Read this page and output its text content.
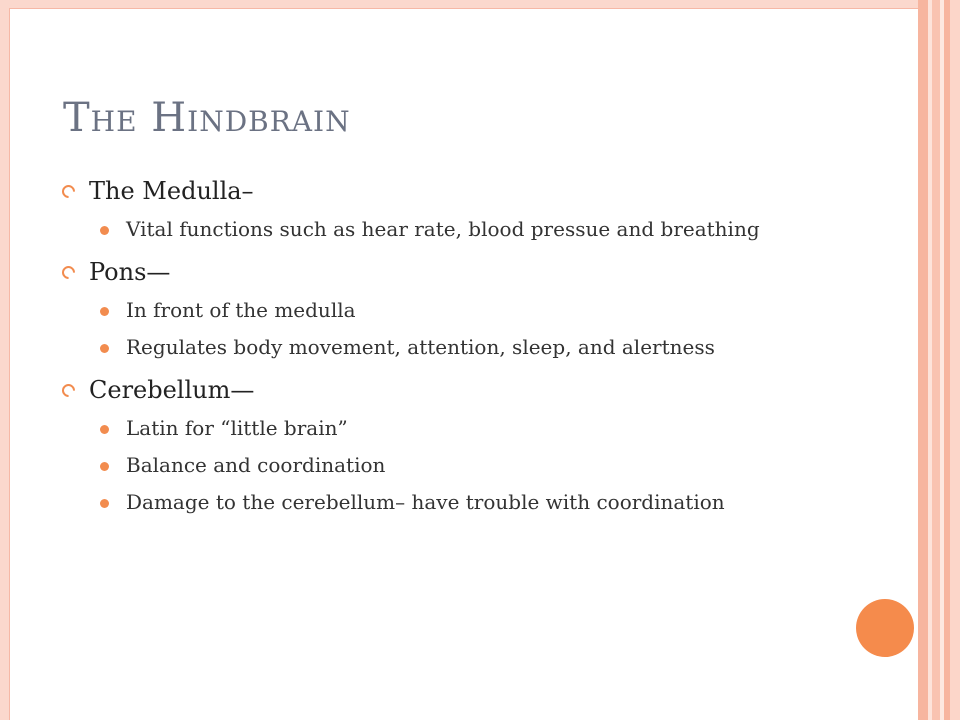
The Hindbrain
The Medulla–
Vital functions such as hear rate, blood pressue and breathing
Pons—
In front of the medulla
Regulates body movement, attention, sleep, and alertness
Cerebellum—
Latin for “little brain”
Balance and coordination
Damage to the cerebellum– have trouble with coordination
